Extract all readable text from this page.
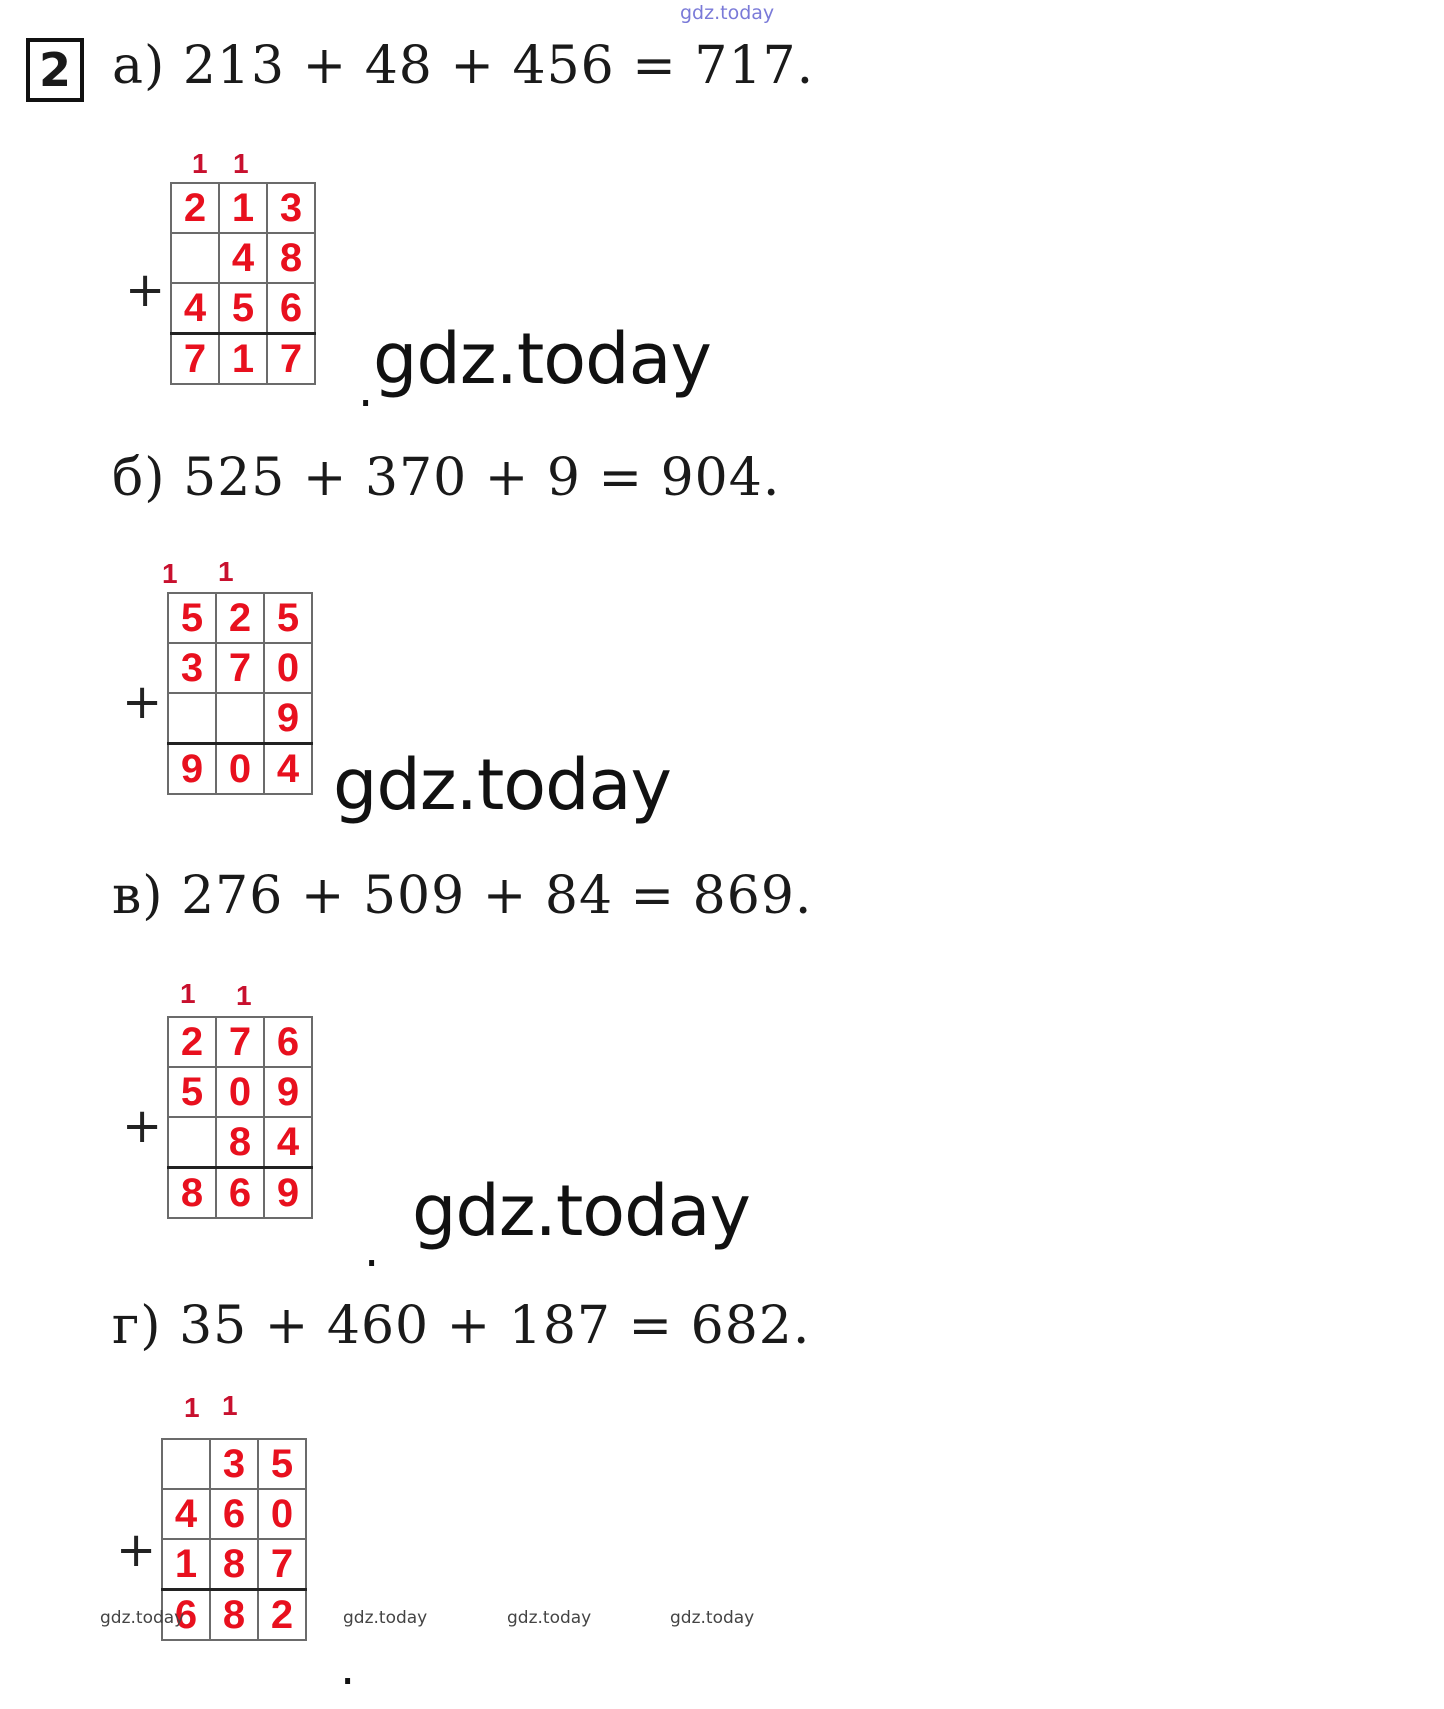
gdz.today
2 а) 213 + 48 + 456 = 717.
1 1
+
2	1	3
	4	8
4	5	6
7	1	7
. gdz.today
б) 525 + 370 + 9 = 904.
1 1
+
5	2	5
3	7	0
		9
9	0	4 gdz.today
в) 276 + 509 + 84 = 869.
1 1
+
2	7	6
5	0	9
	8	4
8	6	9
. gdz.today
г) 35 + 460 + 187 = 682.
1 1
+
	3	5
4	6	0
1	8	7
6	8	2
.
gdz.today	gdz.today	gdz.today	gdz.today
